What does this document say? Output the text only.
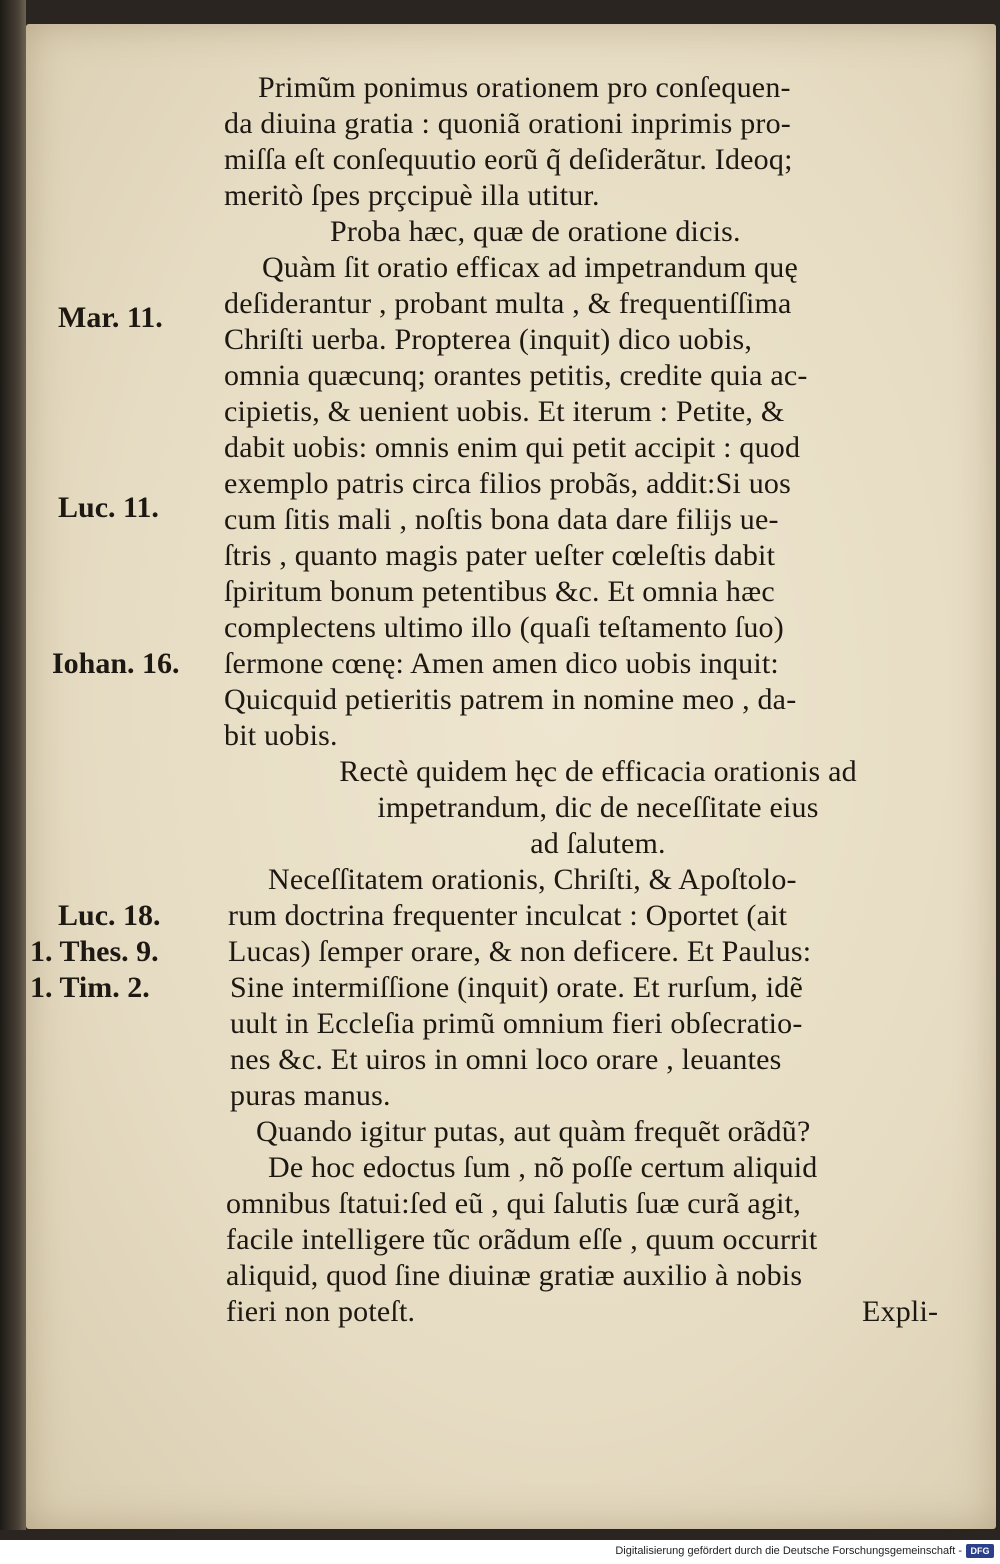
Primũm ponimus orationem pro conſequen-
da diuina gratia : quoniã orationi inprimis pro-
miſſa eſt conſequutio eorũ q̃ deſiderãtur. Ideoq;
meritò ſpes prçcipuè illa utitur.
Proba hæc, quæ de oratione dicis.
Quàm ſit oratio efficax ad impetrandum quę
deſiderantur , probant multa , & frequentiſſima
Chriſti uerba. Propterea (inquit) dico uobis,
omnia quæcunq; orantes petitis, credite quia ac-
cipietis, & uenient uobis. Et iterum : Petite, &
dabit uobis: omnis enim qui petit accipit : quod
exemplo patris circa filios probãs, addit:Si uos
cum ſitis mali , noſtis bona data dare filijs ue-
ſtris , quanto magis pater ueſter cœleſtis dabit
ſpiritum bonum petentibus &c. Et omnia hæc
complectens ultimo illo (quaſi teſtamento ſuo)
ſermone cœnę: Amen amen dico uobis inquit:
Quicquid petieritis patrem in nomine meo , da-
bit uobis.
Rectè quidem hęc de efficacia orationis ad
impetrandum, dic de neceſſitate eius
ad ſalutem.
Neceſſitatem orationis, Chriſti, & Apoſtolo-
rum doctrina frequenter inculcat : Oportet (ait
Lucas) ſemper orare, & non deficere. Et Paulus:
Sine intermiſſione (inquit) orate. Et rurſum, idẽ
uult in Eccleſia primũ omnium fieri obſecratio-
nes &c. Et uiros in omni loco orare , leuantes
puras manus.
Quando igitur putas, aut quàm frequẽt orãdũ?
De hoc edoctus ſum , nõ poſſe certum aliquid
omnibus ſtatui:ſed eũ , qui ſalutis ſuæ curã agit,
facile intelligere tũc orãdum eſſe , quum occurrit
aliquid, quod ſine diuinæ gratiæ auxilio à nobis
fieri non poteſt.	Expli-
Mar. 11.
Luc. 11.
Iohan. 16.
Luc. 18.
1. Thes. 9.
1. Tim. 2.
Digitalisierung gefördert durch die Deutsche Forschungsgemeinschaft - DFG
